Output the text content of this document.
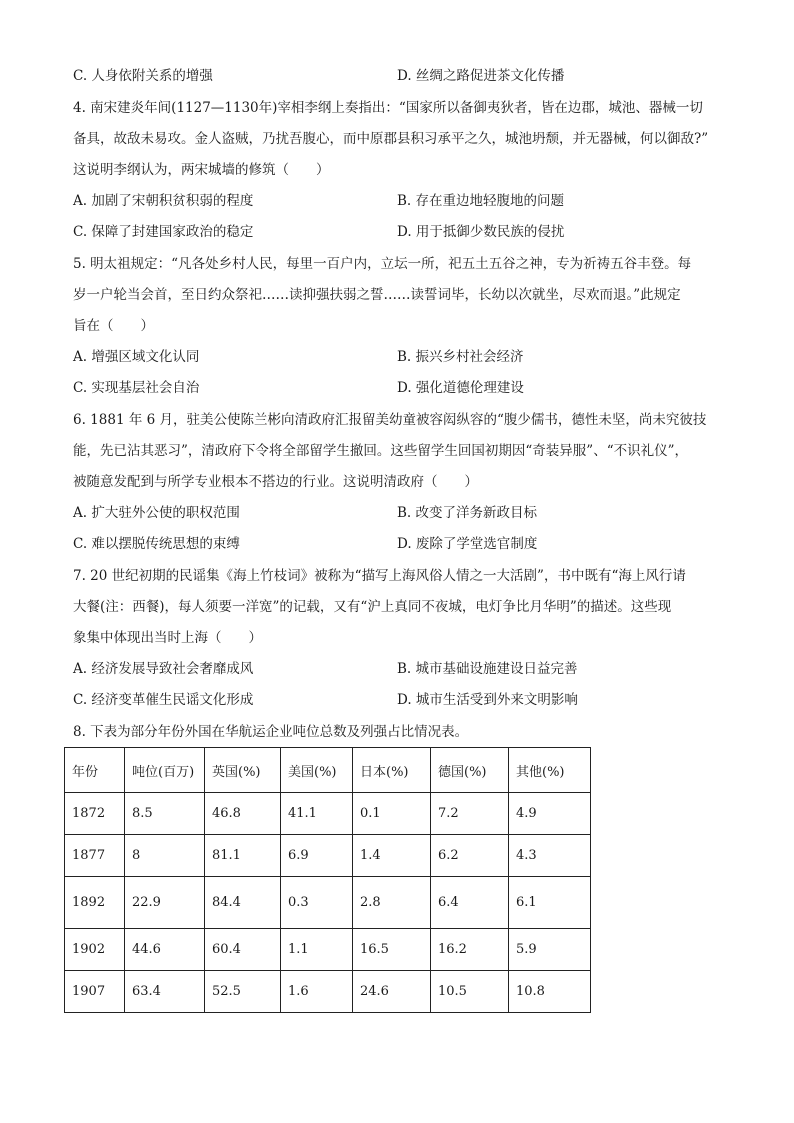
C. 人身依附关系的增强	D. 丝绸之路促进茶文化传播
4. 南宋建炎年间(1127—1130年)宰相李纲上奏指出：“国家所以备御夷狄者，皆在边郡，城池、器械一切
备具，故敌未易攻。金人盗贼，乃扰吾腹心，而中原郡县积习承平之久，城池坍颓，并无器械，何以御敌?”
这说明李纲认为，两宋城墙的修筑（　　）
A. 加剧了宋朝积贫积弱的程度	B. 存在重边地轻腹地的问题
C. 保障了封建国家政治的稳定	D. 用于抵御少数民族的侵扰
5. 明太祖规定：“凡各处乡村人民，每里一百户内，立坛一所，祀五土五谷之神，专为祈祷五谷丰登。每
岁一户轮当会首，至日约众祭祀……读抑强扶弱之誓……读誓词毕，长幼以次就坐，尽欢而退。”此规定
旨在（　　）
A. 增强区域文化认同	B. 振兴乡村社会经济
C. 实现基层社会自治	D. 强化道德伦理建设
6. 1881 年 6 月，驻美公使陈兰彬向清政府汇报留美幼童被容闳纵容的“腹少儒书，德性未坚，尚未究彼技
能，先已沾其恶习”，清政府下令将全部留学生撤回。这些留学生回国初期因“奇装异服”、“不识礼仪”，
被随意发配到与所学专业根本不搭边的行业。这说明清政府（　　）
A. 扩大驻外公使的职权范围	B. 改变了洋务新政目标
C. 难以摆脱传统思想的束缚	D. 废除了学堂选官制度
7. 20 世纪初期的民谣集《海上竹枝词》被称为“描写上海风俗人情之一大活剧”，书中既有“海上风行请
大餐(注：西餐)，每人须要一洋宽”的记载，又有“沪上真同不夜城，电灯争比月华明”的描述。这些现
象集中体现出当时上海（　　）
A. 经济发展导致社会奢靡成风	B. 城市基础设施建设日益完善
C. 经济变革催生民谣文化形成	D. 城市生活受到外来文明影响
8. 下表为部分年份外国在华航运企业吨位总数及列强占比情况表。
年份	吨位(百万)	英国(%)	美国(%)	日本(%)	德国(%)	其他(%)
1872	8.5	46.8	41.1	0.1	7.2	4.9
1877	8	81.1	6.9	1.4	6.2	4.3
1892	22.9	84.4	0.3	2.8	6.4	6.1
1902	44.6	60.4	1.1	16.5	16.2	5.9
1907	63.4	52.5	1.6	24.6	10.5	10.8
